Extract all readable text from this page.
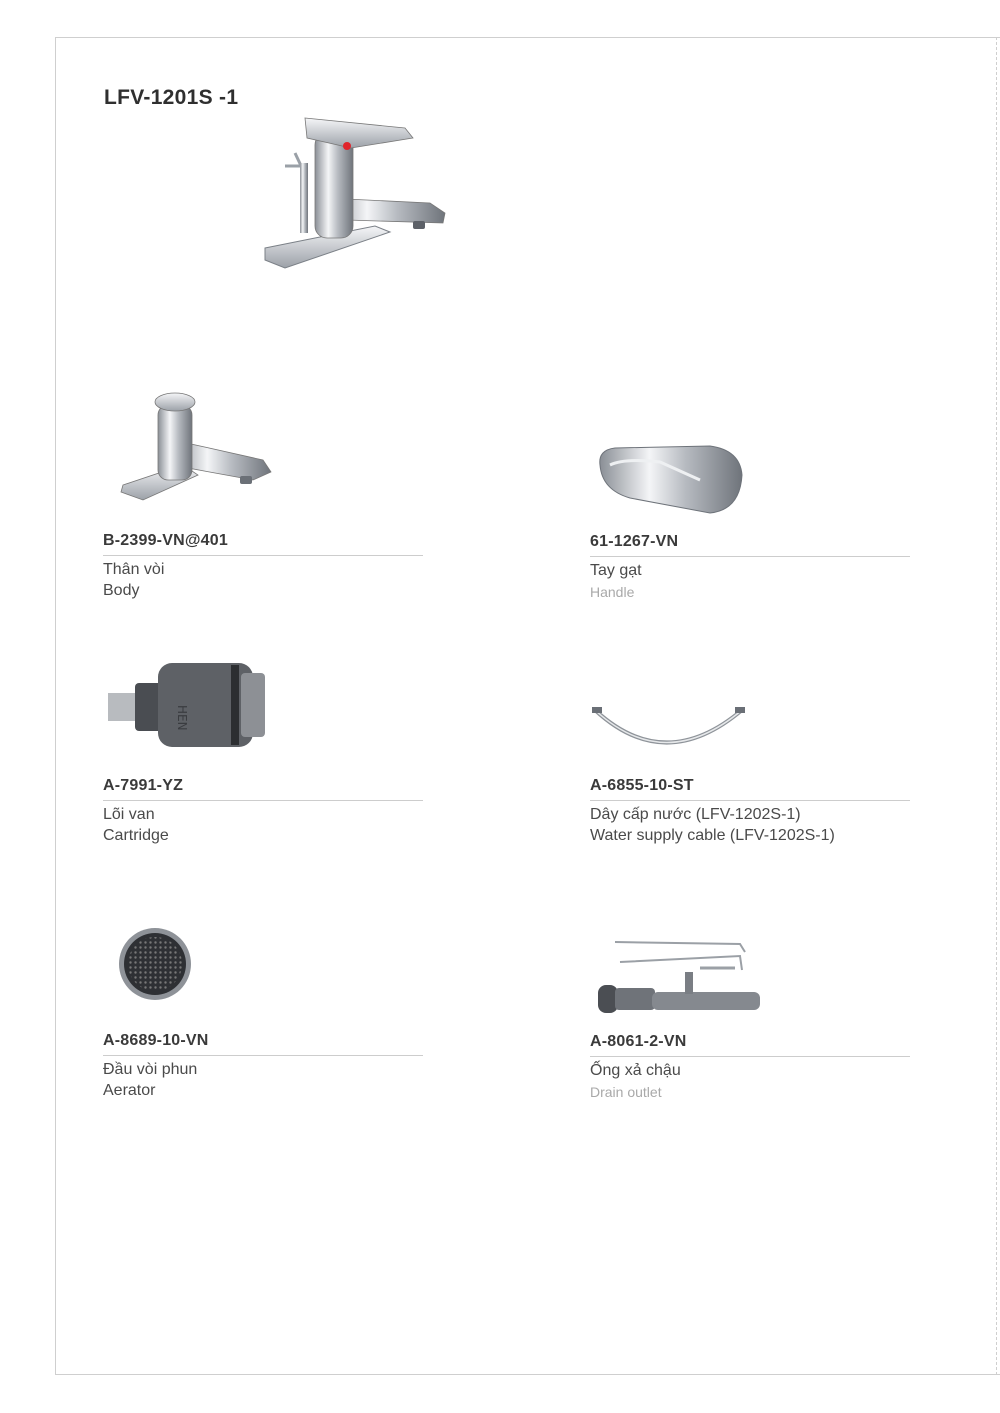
LFV-1201S -1
B-2399-VN@401
Thân vòi
Body
61-1267-VN
Tay gạt
Handle
HEN
A-7991-YZ
Lõi van
Cartridge
A-6855-10-ST
Dây cấp nước (LFV-1202S-1)
Water supply cable (LFV-1202S-1)
A-8689-10-VN
Đầu vòi phun
Aerator
A-8061-2-VN
Ống xả chậu
Drain outlet
